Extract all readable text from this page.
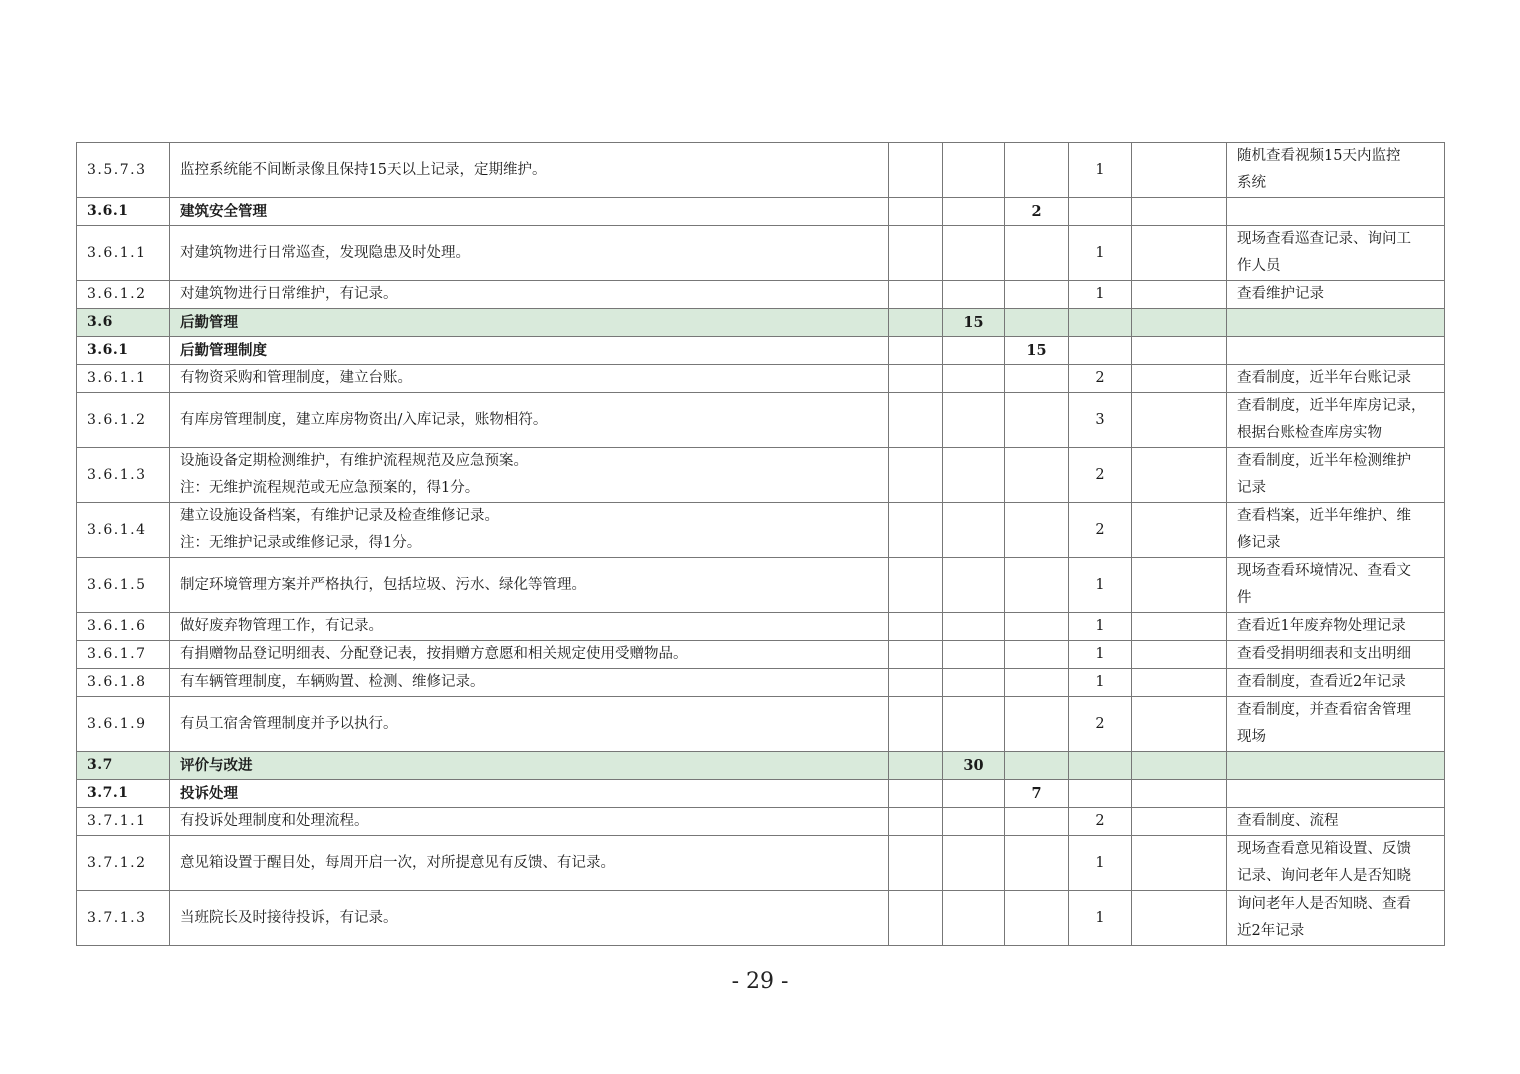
3.5.7.3	监控系统能不间断录像且保持15天以上记录，定期维护。				1		随机查看视频15天内监控
系统

3.6.1	建筑安全管理			2			
3.6.1.1	对建筑物进行日常巡查，发现隐患及时处理。				1		现场查看巡查记录、询问工
作人员

3.6.1.2	对建筑物进行日常维护，有记录。				1		查看维护记录

3.6	后勤管理		15				
3.6.1	后勤管理制度			15			
3.6.1.1	有物资采购和管理制度，建立台账。				2		查看制度，近半年台账记录

3.6.1.2	有库房管理制度，建立库房物资出/入库记录，账物相符。				3		查看制度，近半年库房记录，
根据台账检查库房实物

3.6.1.3	设施设备定期检测维护，有维护流程规范及应急预案。
注：无维护流程规范或无应急预案的，得1分。				2		查看制度，近半年检测维护
记录

3.6.1.4	建立设施设备档案，有维护记录及检查维修记录。
注：无维护记录或维修记录，得1分。				2		查看档案，近半年维护、维
修记录

3.6.1.5	制定环境管理方案并严格执行，包括垃圾、污水、绿化等管理。				1		现场查看环境情况、查看文
件

3.6.1.6	做好废弃物管理工作，有记录。				1		查看近1年废弃物处理记录

3.6.1.7	有捐赠物品登记明细表、分配登记表，按捐赠方意愿和相关规定使用受赠物品。				1		查看受捐明细表和支出明细

3.6.1.8	有车辆管理制度，车辆购置、检测、维修记录。				1		查看制度，查看近2年记录

3.6.1.9	有员工宿舍管理制度并予以执行。				2		查看制度，并查看宿舍管理
现场

3.7	评价与改进		30				
3.7.1	投诉处理			7			
3.7.1.1	有投诉处理制度和处理流程。				2		查看制度、流程

3.7.1.2	意见箱设置于醒目处，每周开启一次，对所提意见有反馈、有记录。				1		现场查看意见箱设置、反馈
记录、询问老年人是否知晓

3.7.1.3	当班院长及时接待投诉，有记录。				1		询问老年人是否知晓、查看
近2年记录
- 29 -
